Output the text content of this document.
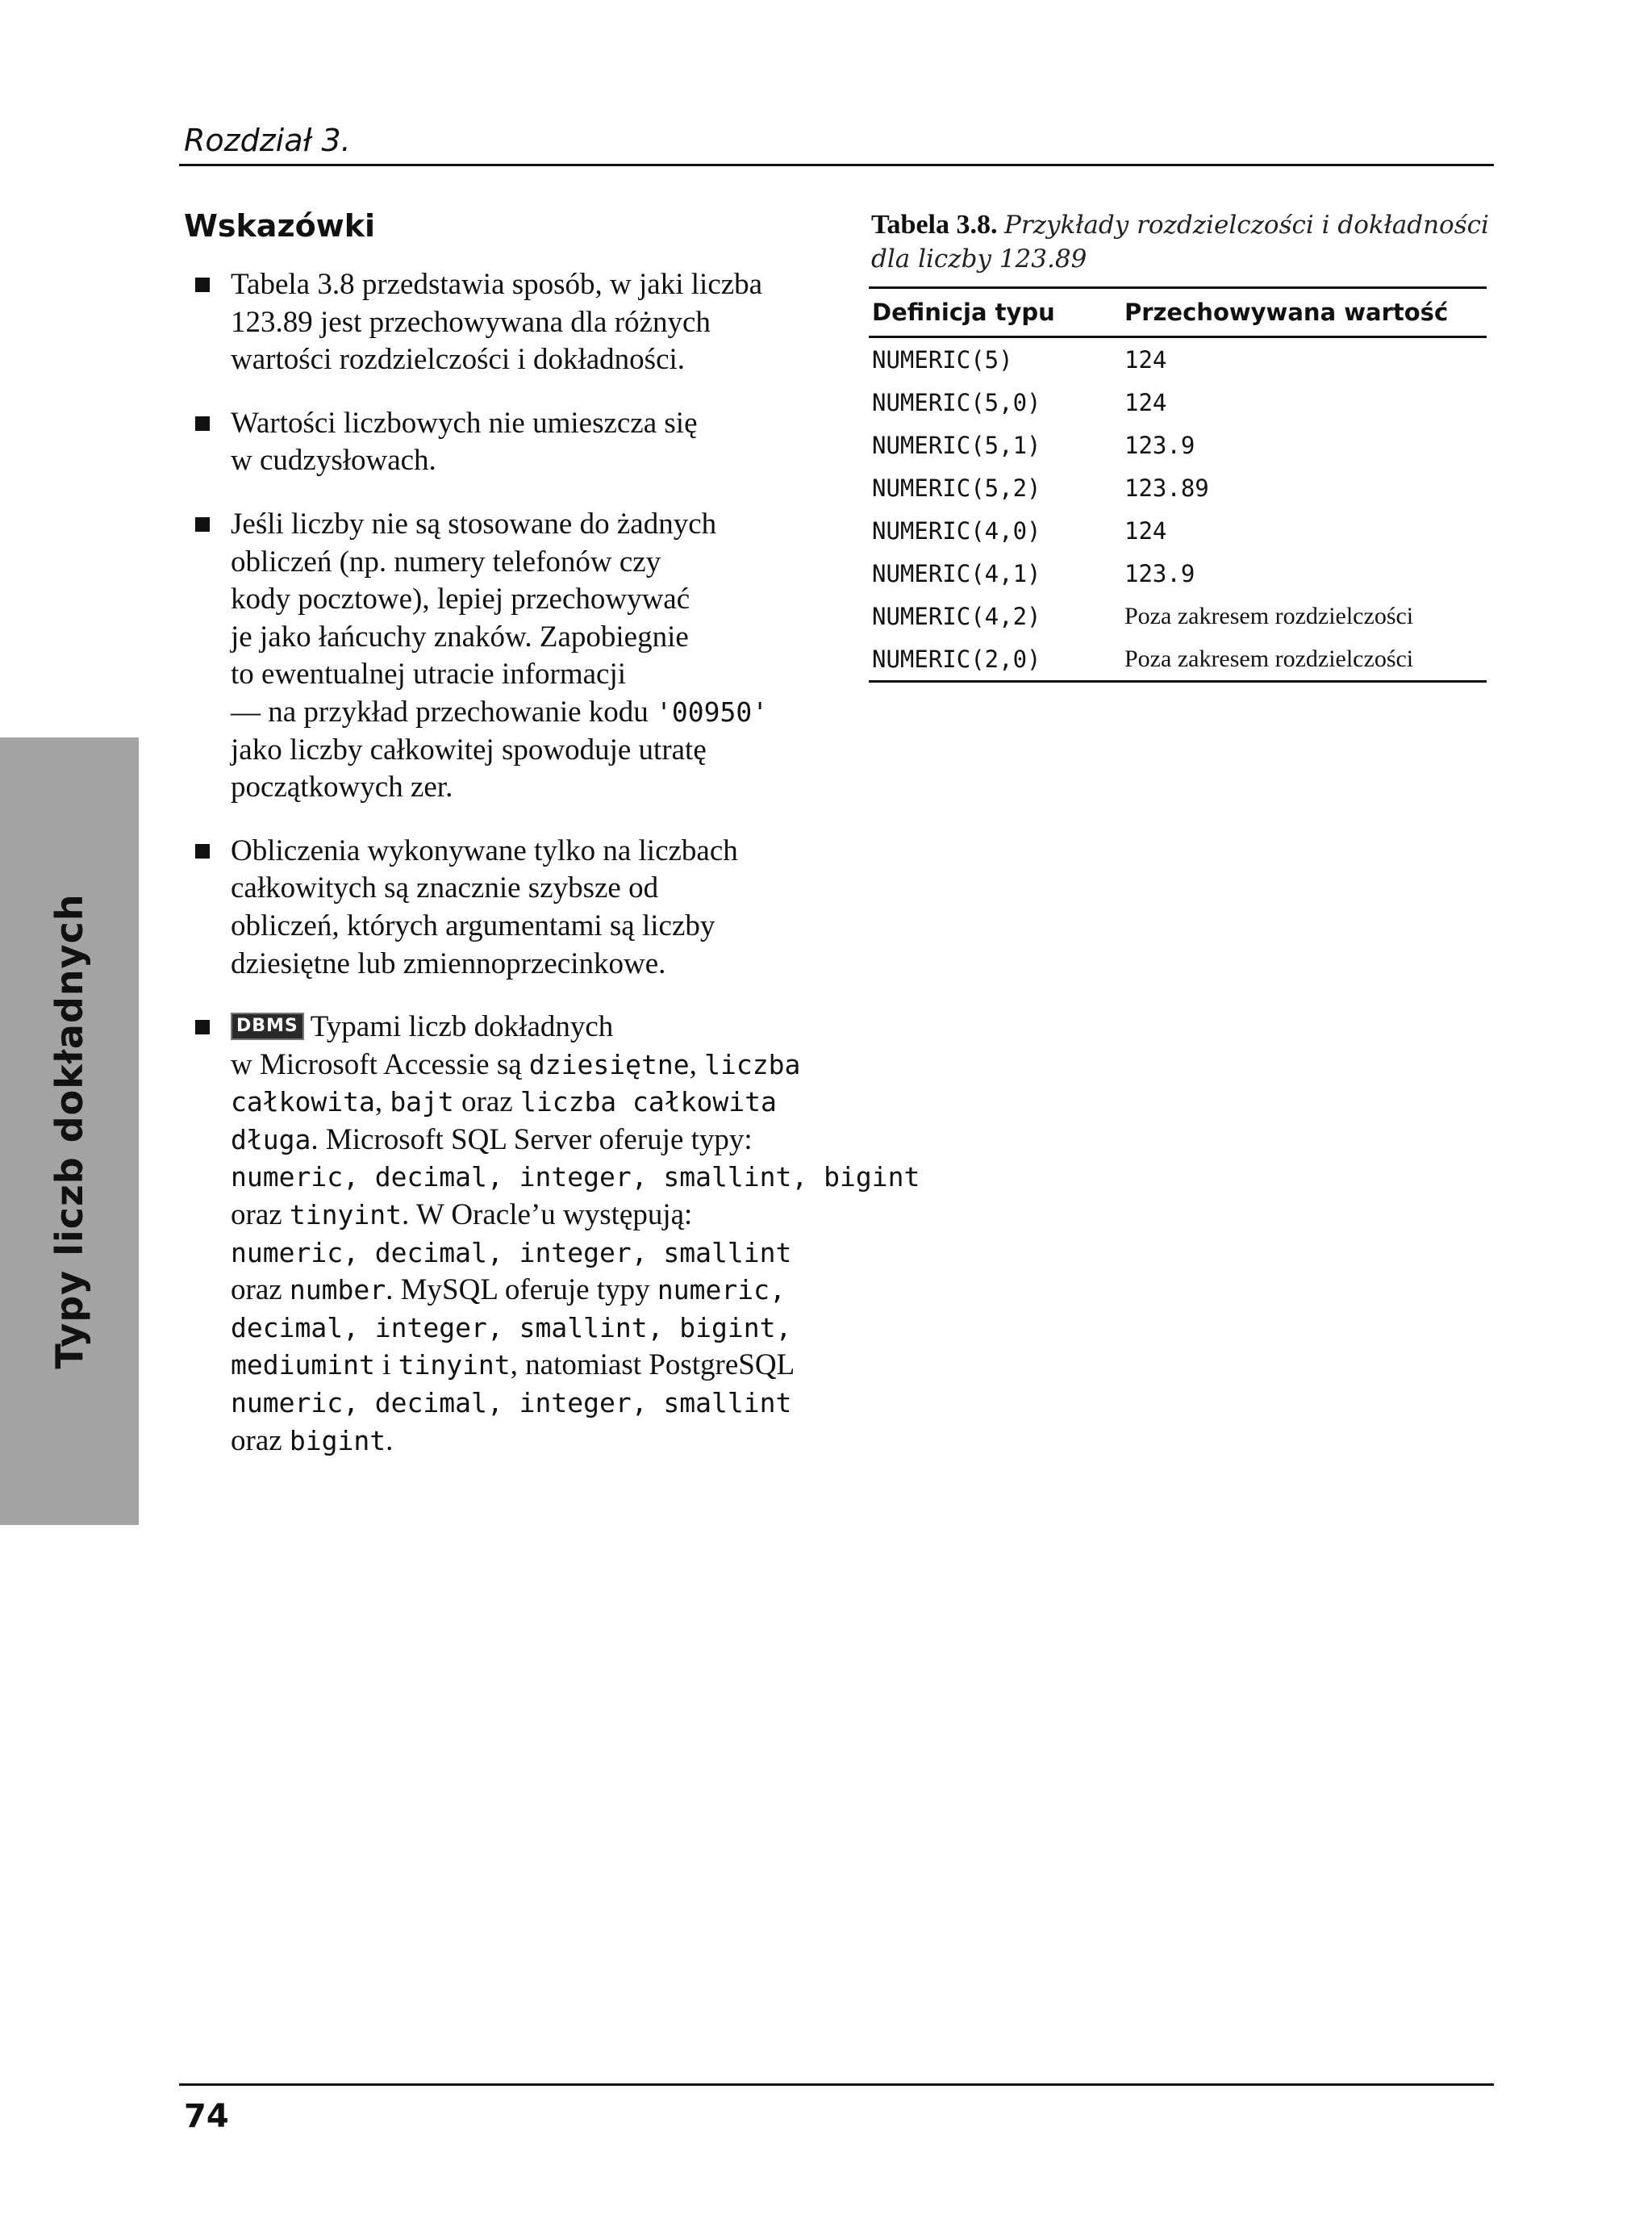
Rozdział 3.
Typy liczb dokładnych
Wskazówki
Tabela 3.8 przedstawia sposób, w jaki liczba
123.89 jest przechowywana dla różnych
wartości rozdzielczości i dokładności.
Wartości liczbowych nie umieszcza się
w cudzysłowach.
Jeśli liczby nie są stosowane do żadnych
obliczeń (np. numery telefonów czy
kody pocztowe), lepiej przechowywać
je jako łańcuchy znaków. Zapobiegnie
to ewentualnej utracie informacji
— na przykład przechowanie kodu '00950'
jako liczby całkowitej spowoduje utratę
początkowych zer.
Obliczenia wykonywane tylko na liczbach
całkowitych są znacznie szybsze od
obliczeń, których argumentami są liczby
dziesiętne lub zmiennoprzecinkowe.
DBMS Typami liczb dokładnych
w Microsoft Accessie są dziesiętne, liczba
całkowita, bajt oraz liczba całkowita
długa. Microsoft SQL Server oferuje typy:
numeric, decimal, integer, smallint, bigint
oraz tinyint. W Oracle’u występują:
numeric, decimal, integer, smallint
oraz number. MySQL oferuje typy numeric,
decimal, integer, smallint, bigint,
mediumint i tinyint, natomiast PostgreSQL
numeric, decimal, integer, smallint
oraz bigint.
Tabela 3.8. Przykłady rozdzielczości i dokładności
dla liczby 123.89
Definicja typu	Przechowywana wartość
NUMERIC(5)	124
NUMERIC(5,0)	124
NUMERIC(5,1)	123.9
NUMERIC(5,2)	123.89
NUMERIC(4,0)	124
NUMERIC(4,1)	123.9
NUMERIC(4,2)	Poza zakresem rozdzielczości
NUMERIC(2,0)	Poza zakresem rozdzielczości
74
